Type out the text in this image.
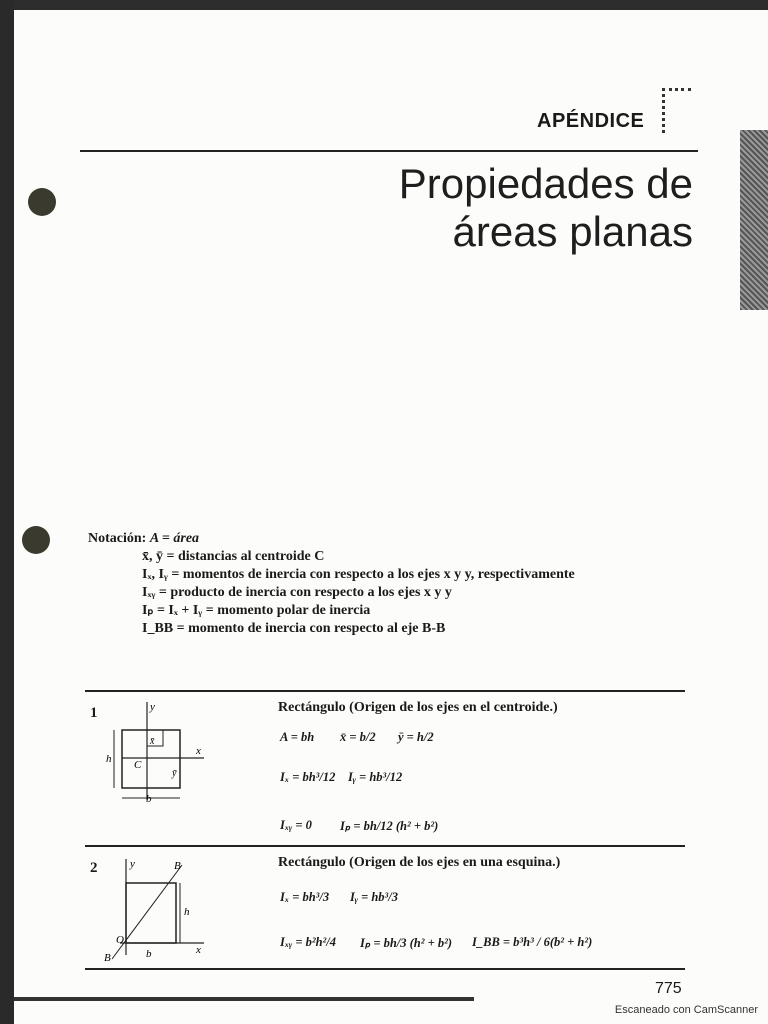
APÉNDICE
Propiedades de
áreas planas
Notación: A = área
x̄, ȳ = distancias al centroide C
Iₓ, Iᵧ = momentos de inercia con respecto a los ejes x y y, respectivamente
Iₓᵧ = producto de inercia con respecto a los ejes x y y
Iₚ = Iₓ + Iᵧ = momento polar de inercia
I_BB = momento de inercia con respecto al eje B-B
1	Rectángulo (Origen de los ejes en el centroide.)
y
x
C
h
b
x̄
ȳ
A = bh x̄ = b/2 ȳ = h/2
Iₓ = bh³/12 Iᵧ = hb³/12
Iₓᵧ = 0 Iₚ = bh/12 (h² + b²)
2	Rectángulo (Origen de los ejes en una esquina.)
y
x
B
B
O
h
b
Iₓ = bh³/3 Iᵧ = hb³/3
Iₓᵧ = b²h²/4 Iₚ = bh/3 (h² + b²) I_BB = b³h³ / 6(b² + h²)
775
Escaneado con CamScanner
